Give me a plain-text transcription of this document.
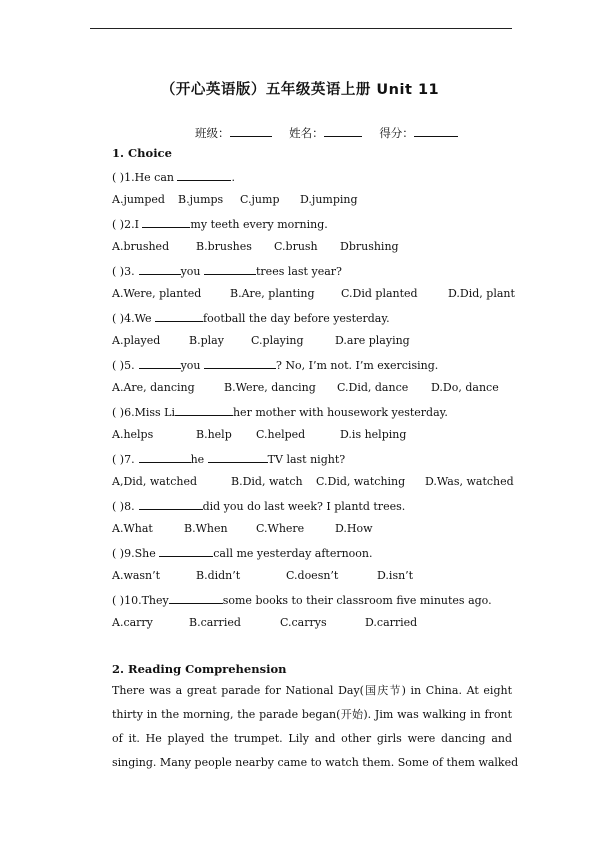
（开心英语版）五年级英语上册 Unit 11
班级：	姓名：	得分：
1. Choice
( )1.He can	.
A.jumped B.jumps C.jump D.jumping
( )2.I	my teeth every morning.
A.brushed B.brushes C.brush Dbrushing
( )3.	you	trees last year?
A.Were, planted	B.Are, planting C.Did planted	D.Did, plant
( )4.We	football the day before yesterday.
A.played	B.play C.playing	D.are playing
( )5.	you	? No, I’m not. I’m exercising.
A.Are, dancing	B.Were, dancing C.Did, dance D.Do, dance
( )6.Miss Li	her mother with housework yesterday.
A.helps	B.help C.helped	D.is helping
( )7.	he	TV last night?
A,Did, watched	B.Did, watch C.Did, watching D.Was, watched
( )8.	did you do last week? I plantd trees.
A.What	B.When	C.Where	D.How
( )9.She	call me yesterday afternoon.
A.wasn’t	B.didn’t	C.doesn’t	D.isn’t
( )10.They	some books to their classroom five minutes ago.
A.carry	B.carried	C.carrys	D.carried
2. Reading Comprehension
There was a great parade for National Day(国庆节) in China. At eight
thirty in the morning, the parade began(开始). Jim was walking in front
of it. He played the trumpet. Lily and other girls were dancing and
singing. Many people nearby came to watch them. Some of them walked
